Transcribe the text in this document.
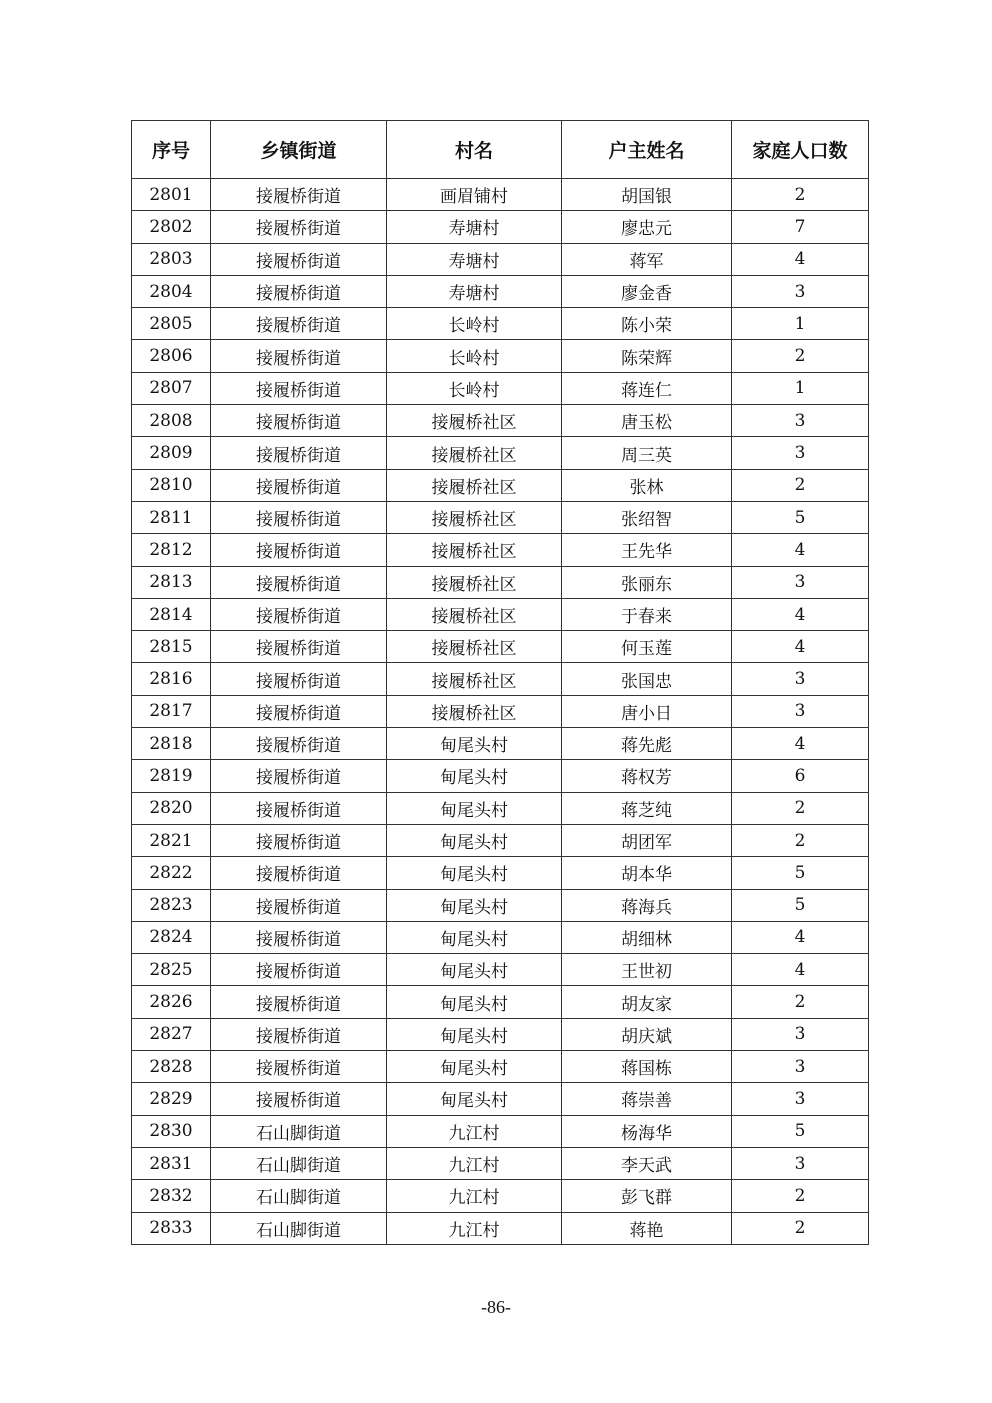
序号	乡镇街道	村名	户主姓名	家庭人口数
2801	接履桥街道	画眉铺村	胡国银	2
2802	接履桥街道	寿塘村	廖忠元	7
2803	接履桥街道	寿塘村	蒋军	4
2804	接履桥街道	寿塘村	廖金香	3
2805	接履桥街道	长岭村	陈小荣	1
2806	接履桥街道	长岭村	陈荣辉	2
2807	接履桥街道	长岭村	蒋连仁	1
2808	接履桥街道	接履桥社区	唐玉松	3
2809	接履桥街道	接履桥社区	周三英	3
2810	接履桥街道	接履桥社区	张林	2
2811	接履桥街道	接履桥社区	张绍智	5
2812	接履桥街道	接履桥社区	王先华	4
2813	接履桥街道	接履桥社区	张丽东	3
2814	接履桥街道	接履桥社区	于春来	4
2815	接履桥街道	接履桥社区	何玉莲	4
2816	接履桥街道	接履桥社区	张国忠	3
2817	接履桥街道	接履桥社区	唐小日	3
2818	接履桥街道	甸尾头村	蒋先彪	4
2819	接履桥街道	甸尾头村	蒋权芳	6
2820	接履桥街道	甸尾头村	蒋芝纯	2
2821	接履桥街道	甸尾头村	胡团军	2
2822	接履桥街道	甸尾头村	胡本华	5
2823	接履桥街道	甸尾头村	蒋海兵	5
2824	接履桥街道	甸尾头村	胡细林	4
2825	接履桥街道	甸尾头村	王世初	4
2826	接履桥街道	甸尾头村	胡友家	2
2827	接履桥街道	甸尾头村	胡庆斌	3
2828	接履桥街道	甸尾头村	蒋国栋	3
2829	接履桥街道	甸尾头村	蒋崇善	3
2830	石山脚街道	九江村	杨海华	5
2831	石山脚街道	九江村	李天武	3
2832	石山脚街道	九江村	彭飞群	2
2833	石山脚街道	九江村	蒋艳	2
-86-
